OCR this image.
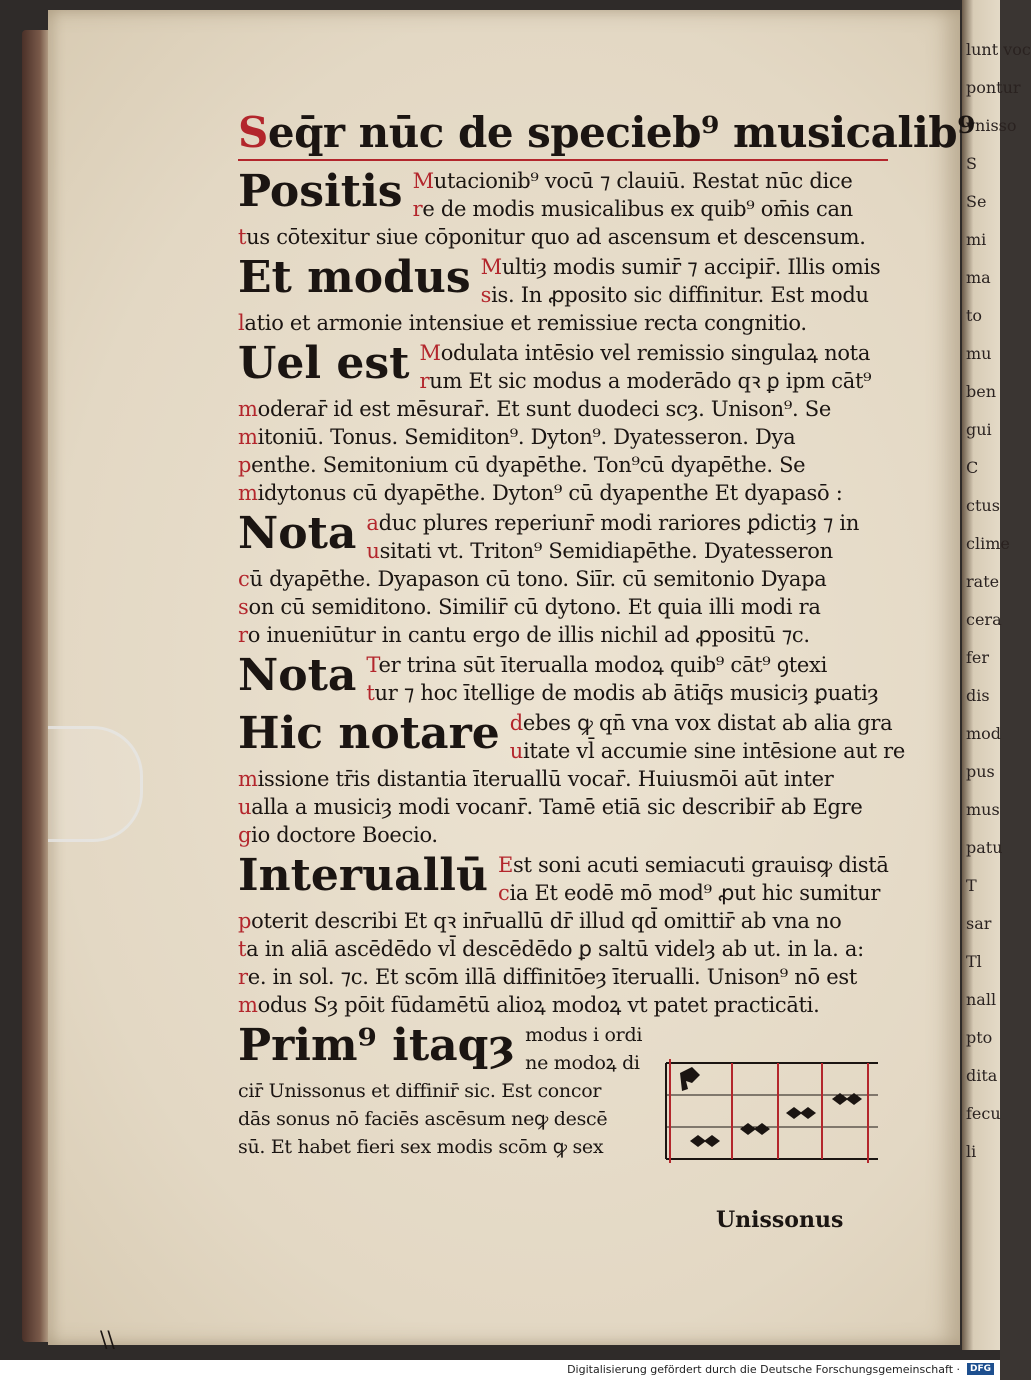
lunt voc
pontur
vnisso
S
Se
mi
ma
to
mu
ben
gui
C
ctus
clime
rate
cera
fer
dis
mod
pus
mus
patu
T
sar
Tl
nall
pto
dita
fecu
li
Seq̄r nūc de specieb⁹ musicalib⁹
Positis Mutacionib⁹ vocū ⁊ clauiū. Restat nūc dice
re de modis musicalibus ex quib⁹ om̄is can
tus cōtexitur siue cōponitur quo ad ascensum et descensum.
Et modus Multiȝ modis sumir̄ ⁊ accipir̄. Illis omis
sis. In ꝓposito sic diffinitur. Est modu
latio et armonie intensiue et remissiue recta congnitio.
Uel est Modulata intēsio vel remissio singulaꝝ nota
rum Et sic modus a moderādo qꝛ ꝑ ipm cāt⁹
moderar̄ id est mēsurar̄. Et sunt duodeci scȝ. Unison⁹. Se
mitoniū. Tonus. Semiditon⁹. Dyton⁹. Dyatesseron. Dya
penthe. Semitonium cū dyapēthe. Ton⁹cū dyapēthe. Se
midytonus cū dyapēthe. Dyton⁹ cū dyapenthe Et dyapasō :
Nota aduc plures reperiunr̄ modi rariores ꝑdictiȝ ⁊ in
usitati vt. Triton⁹ Semidiapēthe. Dyatesseron
cū dyapēthe. Dyapason cū tono. Siīr. cū semitonio Dyapa
son cū semiditono. Similir̄ cū dytono. Et quia illi modi ra
ro inueniūtur in cantu ergo de illis nichil ad ꝓpositū ⁊c.
Nota Ter trina sūt īterualla modoꝝ quib⁹ cāt⁹ ꝯtexi
tur ⁊ hoc ītellige de modis ab ātiq̄s musiciȝ ꝑuatiȝ
Hic notare debes ꝙ qn̄ vna vox distat ab alia gra
uitate vl̄ accumie sine intēsione aut re
missione tr̄is distantia īteruallū vocar̄. Huiusmōi aūt inter
ualla a musiciȝ modi vocanr̄. Tamē etiā sic describir̄ ab Egre
gio doctore Boecio.
Interuallū Est soni acuti semiacuti grauisꝙ distā
cia Et eodē mō mod⁹ ꝓut hic sumitur
poterit describi Et qꝛ inr̄uallū dr̄ illud qd̄ omittir̄ ab vna no
ta in aliā ascēdēdo vl̄ descēdēdo ꝑ saltū videlȝ ab ut. in la. a:
re. in sol. ⁊c. Et scōm illā diffinitōeȝ īterualli. Unison⁹ nō est
modus Sȝ pōit fūdamētū alioꝝ modoꝝ vt patet practicāti.
Prim⁹ itaqȝ modus i ordi
ne modoꝝ di
cir̄ Unissonus et diffinir̄ sic. Est concor
dās sonus nō faciēs ascēsum neꝙ descē
sū. Et habet fieri sex modis scōm ꝙ sex
Unissonus
\\
Digitalisierung gefördert durch die Deutsche Forschungsgemeinschaft ·	DFG
